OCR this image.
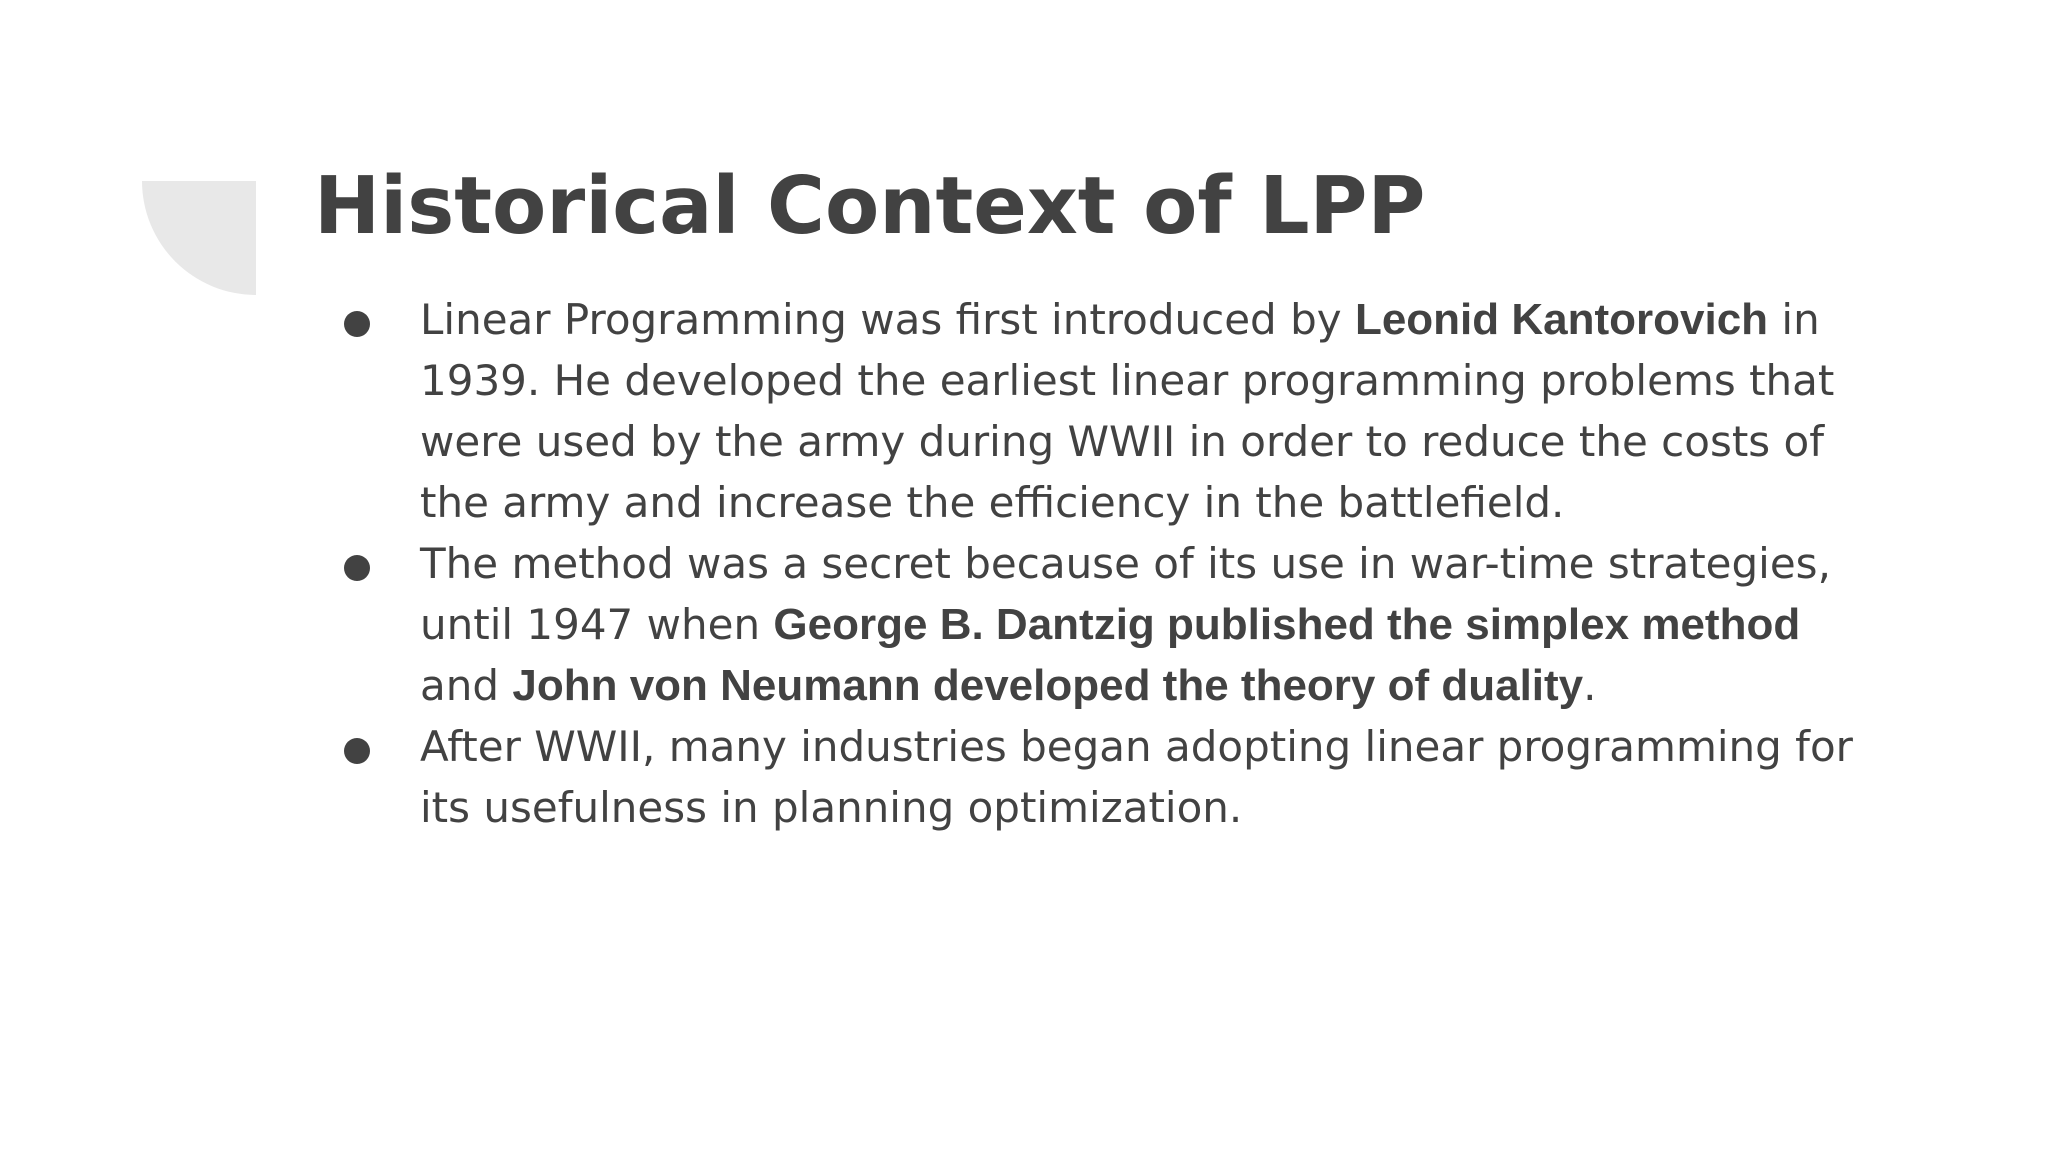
Historical Context of LPP
Linear Programming was first introduced by Leonid Kantorovich in 1939. He developed the earliest linear programming problems that were used by the army during WWII in order to reduce the costs of the army and increase the efficiency in the battlefield.
The method was a secret because of its use in war-time strategies, until 1947 when George B. Dantzig published the simplex method and John von Neumann developed the theory of duality.
After WWII, many industries began adopting linear programming for its usefulness in planning optimization.
